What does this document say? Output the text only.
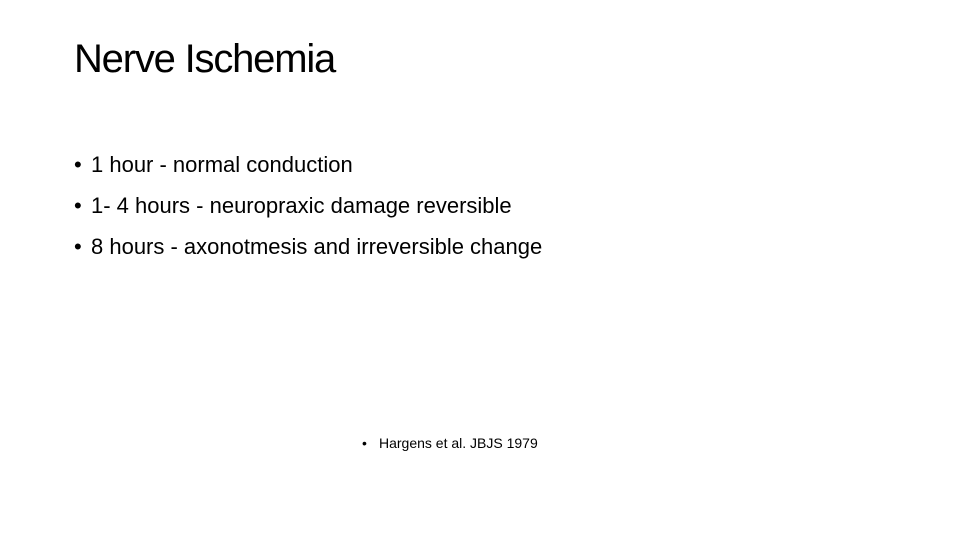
Nerve Ischemia
• 1 hour - normal conduction
• 1- 4 hours - neuropraxic damage reversible
• 8 hours - axonotmesis and irreversible change
• Hargens et al. JBJS 1979
